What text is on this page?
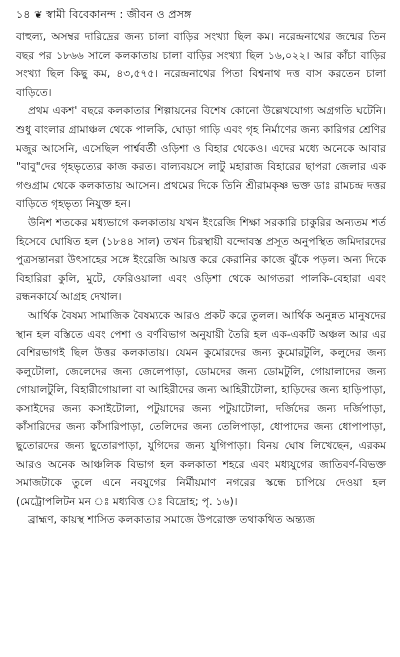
১৪ ❦ স্বামী বিবেকানন্দ : জীবন ও প্রসঙ্গ

বাহুল্য, অসম্বর দারিদ্রের জন্য চালা বাড়ির সংখ্যা ছিল কম। নরেন্দ্রনাথের জন্মের তিন বছর পর ১৮৬৬ সালে কলকাতায় চালা বাড়ির সংখ্যা ছিল ১৬,০২২। আর কাঁচা বাড়ির সংখ্যা ছিল কিছু কম, ৪৩,৫৭৫। নরেন্দ্রনাথের পিতা বিশ্বনাথ দত্ত বাস করতেন চালা বাড়িতে।

প্রথম একশ' বছরে কলকাতার শিল্পায়নের বিশেষ কোনো উল্লেখযোগ্য অগ্রগতি ঘটেনি। শুধু বাংলার গ্রামাঞ্চল থেকে পালকি, ঘোড়া গাড়ি এবং গৃহ নির্মাণের জন্য কারিগর শ্রেণির মজুর আসেনি, এসেছিল পার্শ্ববর্তী ওড়িশা ও বিহার থেকেও। এদের মধ্যে অনেকে আবার "বাবু"দের গৃহভৃত্যের কাজ করত। বাল্যবয়সে লাটু মহারাজ বিহারের ছাপরা জেলার এক গণ্ডগ্রাম থেকে কলকাতায় আসেন। প্রথমের দিকে তিনি শ্রীরামকৃষ্ণ ভক্ত ডাঃ রামচন্দ্র দত্তর বাড়িতে গৃহভৃত্য নিযুক্ত হন।

উনিশ শতকের মধ্যভাগে কলকাতায় যখন ইংরেজি শিক্ষা সরকারি চাকুরির অন্যতম শর্ত হিসেবে ঘোষিত হল (১৮৪৪ সাল) তখন চিরস্থায়ী বন্দোবস্ত প্রসূত অনুপস্থিত জমিদারদের পুত্রসন্তানরা উৎসাহের সঙ্গে ইংরেজি আয়ত্ত করে কেরানির কাজে ঝুঁকে পড়ল। অন্য দিকে বিহারিরা কুলি, মুটে, ফেরিওয়ালা এবং ওড়িশা থেকে আগতরা পালকি-বেহারা এবং রন্ধনকার্যে আগ্রহ দেখাল।

আর্থিক বৈষম্য সামাজিক বৈষম্যকে আরও প্রকট করে তুলল। আর্থিক অনুন্নত মানুষদের স্থান হল বস্তিতে এবং পেশা ও বর্ণবিভাগ অনুযায়ী তৈরি হল এক-একটি অঞ্চল আর এর বেশিরভাগই ছিল উত্তর কলকাতায়। যেমন কুমোরদের জন্য কুমোরটুলি, কলুদের জন্য কলুটোলা, জেলেদের জন্য জেলেপাড়া, ডোমদের জন্য ডোমটুলি, গোয়ালাদের জন্য গোয়ালটুলি, বিহারীগোয়ালা বা আহিরীদের জন্য আহিরীটোলা, হাড়িদের জন্য হাড়িপাড়া, কসাইদের জন্য কসাইটোলা, পটুয়াদের জন্য পটুয়াটোলা, দর্জিদের জন্য দর্জিপাড়া, কাঁসারিদের জন্য কাঁসারিপাড়া, তেলিদের জন্য তেলিপাড়া, ধোপাদের জন্য ধোপাপাড়া, ছুতোরদের জন্য ছুতোরপাড়া, যুগিদের জন্য যুগিপাড়া। বিনয় ঘোষ লিখেছেন, এরকম আরও অনেক আঞ্চলিক বিভাগ হল কলকাতা শহরে এবং মধ্যযুগের জাতিবর্ণ-বিভক্ত সমাজটাকে তুলে এনে নবযুগের নির্মীয়মাণ নগরের স্কন্ধে চাপিয়ে দেওয়া হল (মেট্রোপলিটন মন ঃ মধ্যবিত্ত ঃ বিদ্রোহ; পৃ. ১৬)।

ব্রাহ্মণ, কায়স্থ শাসিত কলকাতার সমাজে উপরোক্ত তথাকথিত অন্ত্যজ
